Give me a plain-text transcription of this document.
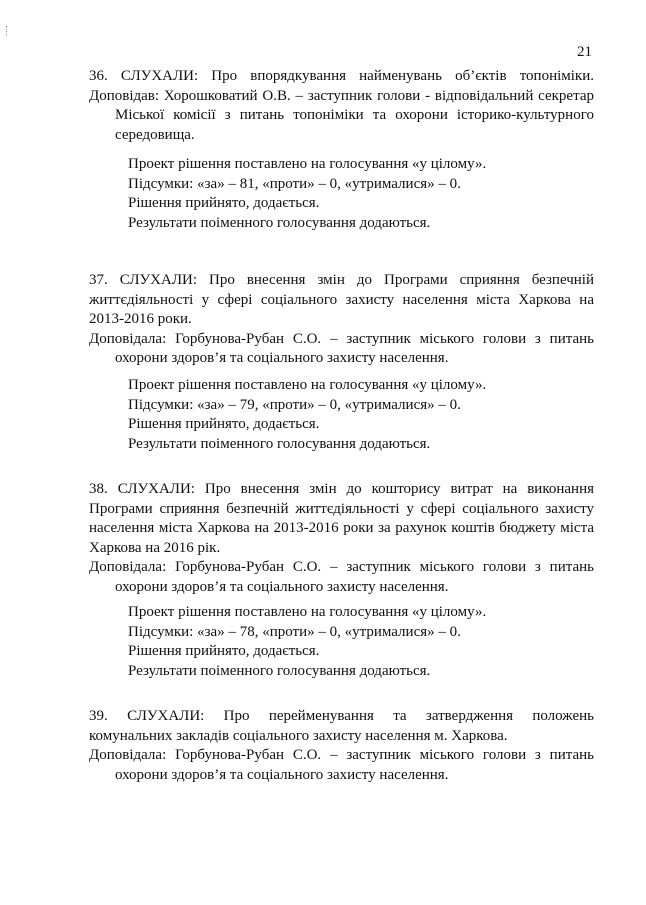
21
36. СЛУХАЛИ: Про впорядкування найменувань об’єктів топоніміки.
Доповідав: Хорошковатий О.В. – заступник голови - відповідальний секретар
Міської комісії з питань топоніміки та охорони історико-культурного
середовища.
Проект рішення поставлено на голосування «у цілому».
Підсумки: «за» – 81, «проти» – 0, «утрималися» – 0.
Рішення прийнято, додається.
Результати поіменного голосування додаються.
37. СЛУХАЛИ: Про внесення змін до Програми сприяння безпечній
життєдіяльності у сфері соціального захисту населення міста Харкова на
2013-2016 роки.
Доповідала: Горбунова-Рубан С.О. – заступник міського голови з питань
охорони здоров’я та соціального захисту населення.
Проект рішення поставлено на голосування «у цілому».
Підсумки: «за» – 79, «проти» – 0, «утрималися» – 0.
Рішення прийнято, додається.
Результати поіменного голосування додаються.
38. СЛУХАЛИ: Про внесення змін до кошторису витрат на виконання
Програми сприяння безпечній життєдіяльності у сфері соціального захисту
населення міста Харкова на 2013-2016 роки за рахунок коштів бюджету міста
Харкова на 2016 рік.
Доповідала: Горбунова-Рубан С.О. – заступник міського голови з питань
охорони здоров’я та соціального захисту населення.
Проект рішення поставлено на голосування «у цілому».
Підсумки: «за» – 78, «проти» – 0, «утрималися» – 0.
Рішення прийнято, додається.
Результати поіменного голосування додаються.
39. СЛУХАЛИ: Про перейменування та затвердження положень
комунальних закладів соціального захисту населення м. Харкова.
Доповідала: Горбунова-Рубан С.О. – заступник міського голови з питань
охорони здоров’я та соціального захисту населення.
